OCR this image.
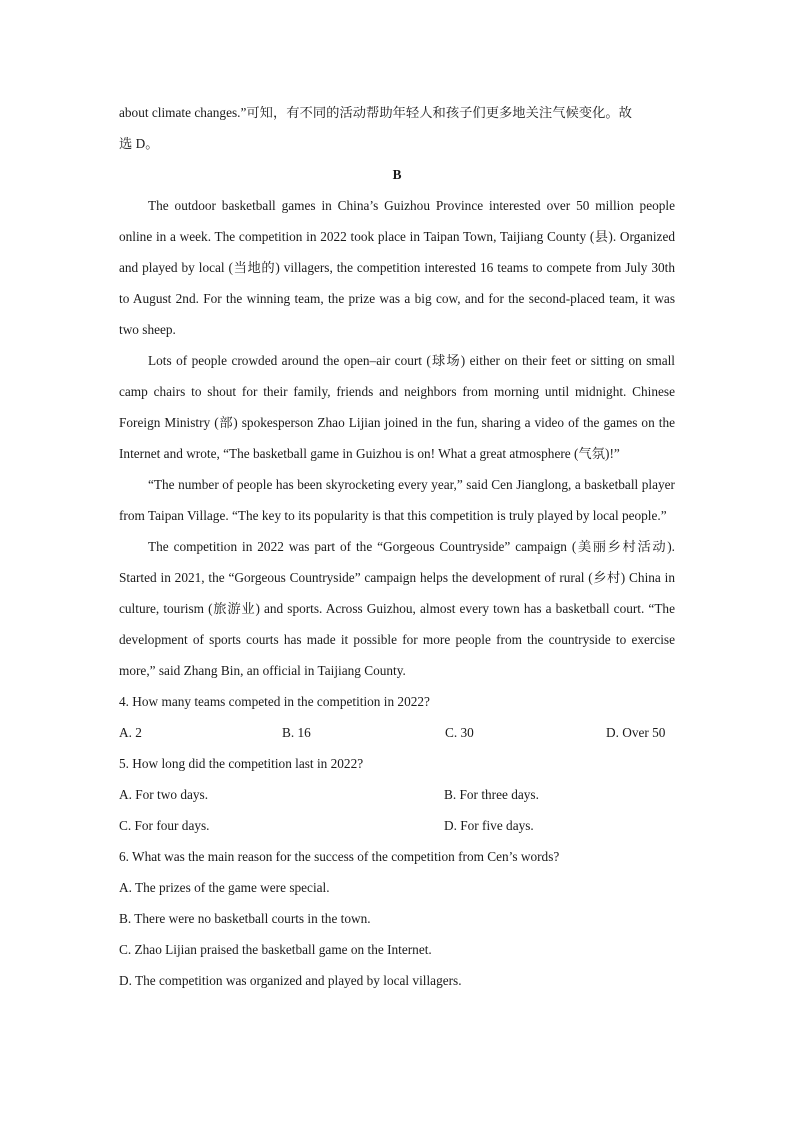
about climate changes.”可知，有不同的活动帮助年轻人和孩子们更多地关注气候变化。故

选 D。

B

The outdoor basketball games in China’s Guizhou Province interested over 50 million people online in a week. The competition in 2022 took place in Taipan Town, Taijiang County (县). Organized and played by local (当地的) villagers, the competition interested 16 teams to compete from July 30th to August 2nd. For the winning team, the prize was a big cow, and for the second-placed team, it was two sheep.

Lots of people crowded around the open–air court (球场) either on their feet or sitting on small camp chairs to shout for their family, friends and neighbors from morning until midnight. Chinese Foreign Ministry (部) spokesperson Zhao Lijian joined in the fun, sharing a video of the games on the Internet and wrote, “The basketball game in Guizhou is on! What a great atmosphere (气氛)!”

“The number of people has been skyrocketing every year,” said Cen Jianglong, a basketball player from Taipan Village. “The key to its popularity is that this competition is truly played by local people.”

The competition in 2022 was part of the “Gorgeous Countryside” campaign (美丽乡村活动). Started in 2021, the “Gorgeous Countryside” campaign helps the development of rural (乡村) China in culture, tourism (旅游业) and sports. Across Guizhou, almost every town has a basketball court. “The development of sports courts has made it possible for more people from the countryside to exercise more,” said Zhang Bin, an official in Taijiang County.

4. How many teams competed in the competition in 2022?

A. 2	B. 16	C. 30	D. Over 50

5. How long did the competition last in 2022?

A. For two days.	B. For three days.
C. For four days.	D. For five days.

6. What was the main reason for the success of the competition from Cen’s words?

A. The prizes of the game were special.

B. There were no basketball courts in the town.

C. Zhao Lijian praised the basketball game on the Internet.

D. The competition was organized and played by local villagers.
